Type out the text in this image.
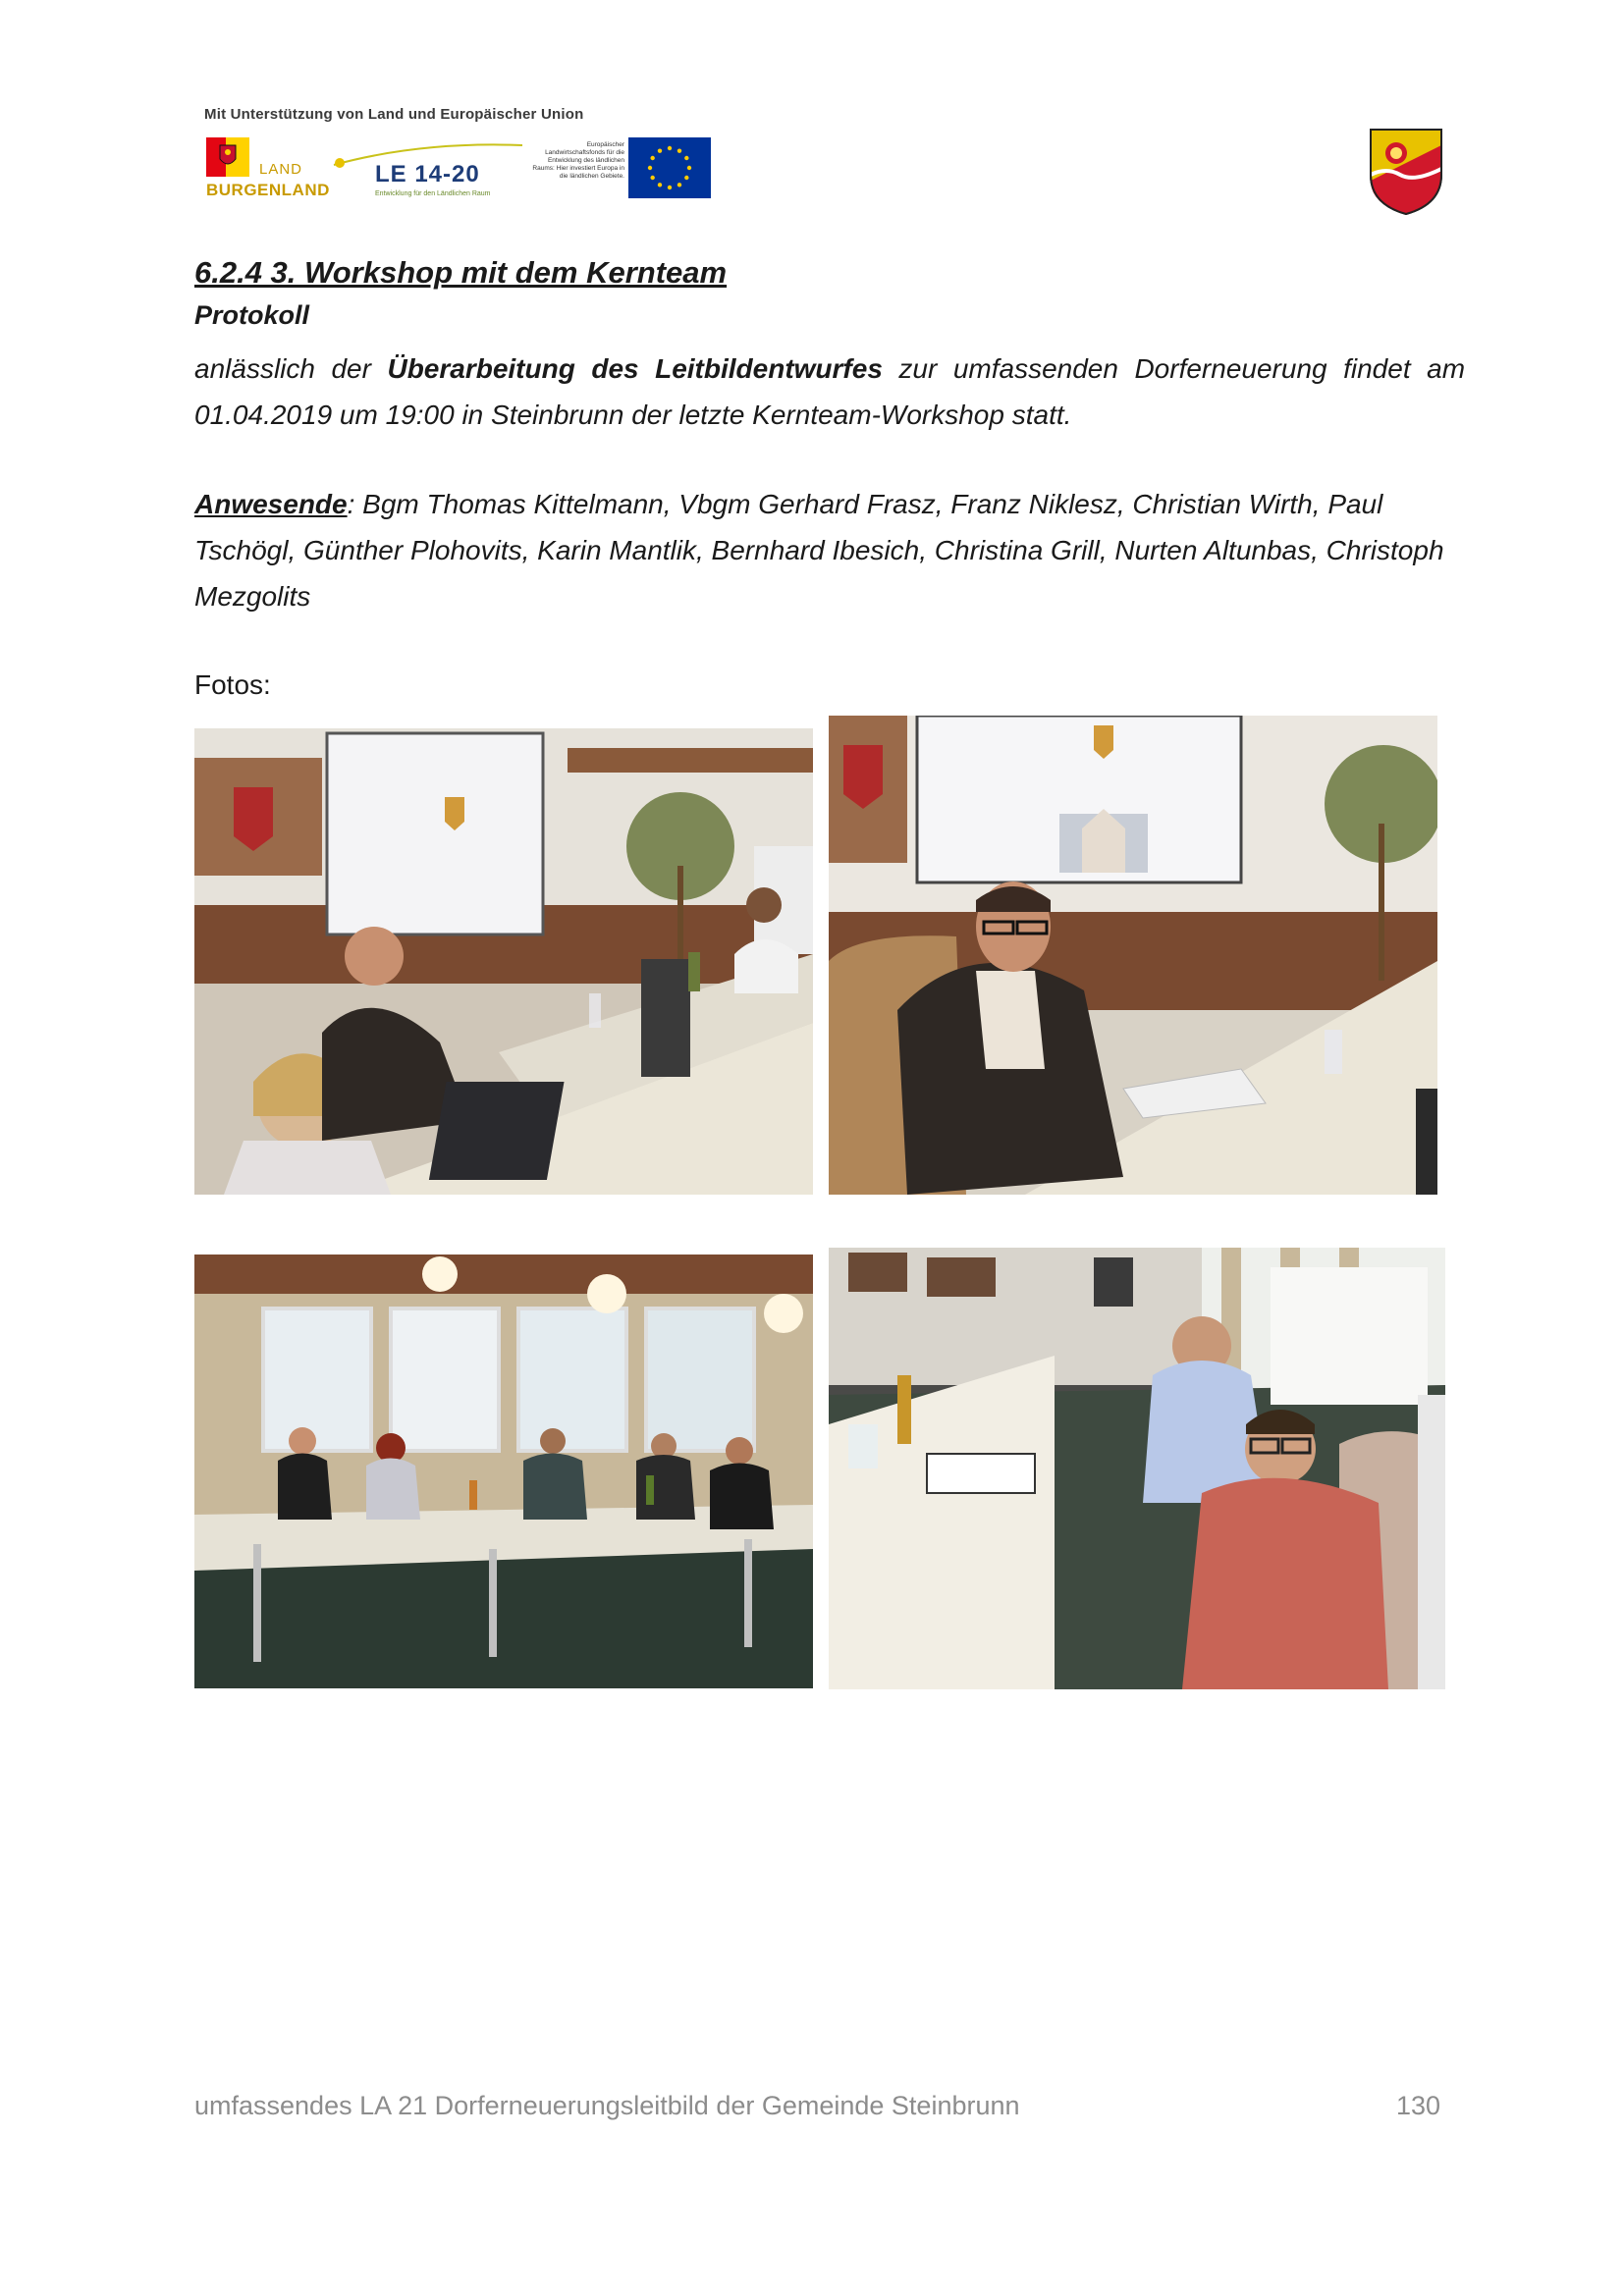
Mit Unterstützung von Land und Europäischer Union
LAND
BURGENLAND
LE 14-20
Entwicklung für den Ländlichen Raum
Europäischer Landwirtschaftsfonds für die Entwicklung des ländlichen Raums: Hier investiert Europa in die ländlichen Gebiete.
6.2.4 3. Workshop mit dem Kernteam
Protokoll
anlässlich der Überarbeitung des Leitbildentwurfes zur umfassenden Dorferneuerung findet am 01.04.2019 um 19:00 in Steinbrunn der letzte Kernteam-Workshop statt.
Anwesende: Bgm Thomas Kittelmann, Vbgm Gerhard Frasz, Franz Niklesz, Christian Wirth, Paul Tschögl, Günther Plohovits, Karin Mantlik, Bernhard Ibesich, Christina Grill, Nurten Altunbas, Christoph Mezgolits
Fotos:
umfassendes LA 21 Dorferneuerungsleitbild der Gemeinde Steinbrunn	130
